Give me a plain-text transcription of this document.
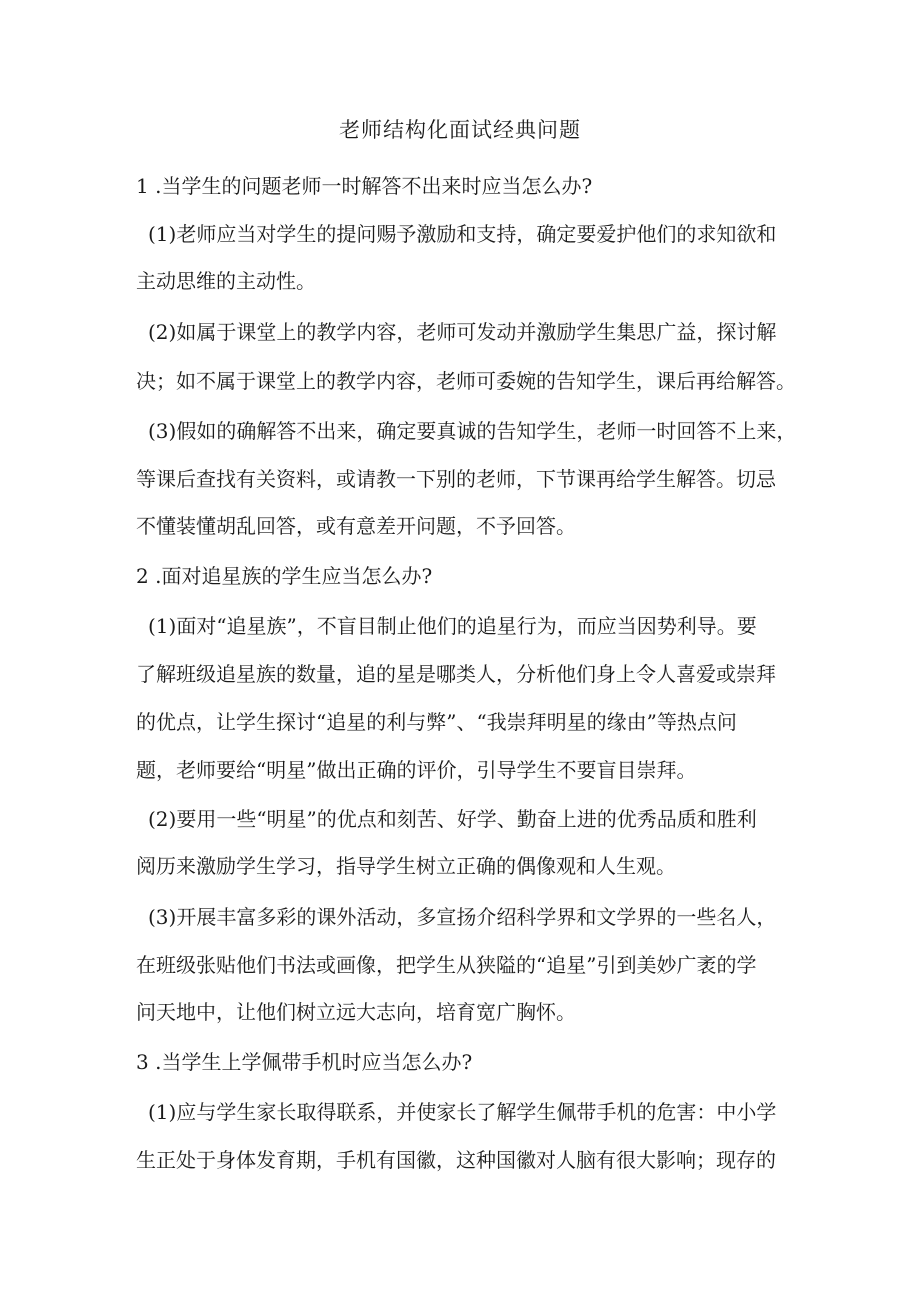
老师结构化面试经典问题
1 .当学生的问题老师一时解答不出来时应当怎么办?
(1)老师应当对学生的提问赐予激励和支持，确定要爱护他们的求知欲和
主动思维的主动性。
(2)如属于课堂上的教学内容，老师可发动并激励学生集思广益，探讨解
决；如不属于课堂上的教学内容，老师可委婉的告知学生，课后再给解答。
(3)假如的确解答不出来，确定要真诚的告知学生，老师一时回答不上来，
等课后查找有关资料，或请教一下别的老师，下节课再给学生解答。切忌
不懂装懂胡乱回答，或有意差开问题，不予回答。
2 .面对追星族的学生应当怎么办?
(1)面对“追星族”，不盲目制止他们的追星行为，而应当因势利导。要
了解班级追星族的数量，追的星是哪类人，分析他们身上令人喜爱或崇拜
的优点，让学生探讨“追星的利与弊”、“我崇拜明星的缘由”等热点问
题，老师要给“明星”做出正确的评价，引导学生不要盲目崇拜。
(2)要用一些“明星”的优点和刻苦、好学、勤奋上进的优秀品质和胜利
阅历来激励学生学习，指导学生树立正确的偶像观和人生观。
(3)开展丰富多彩的课外活动，多宣扬介绍科学界和文学界的一些名人，
在班级张贴他们书法或画像，把学生从狭隘的“追星”引到美妙广袤的学
问天地中，让他们树立远大志向，培育宽广胸怀。
3 .当学生上学佩带手机时应当怎么办?
(1)应与学生家长取得联系，并使家长了解学生佩带手机的危害：中小学
生正处于身体发育期，手机有国徽，这种国徽对人脑有很大影响；现存的
